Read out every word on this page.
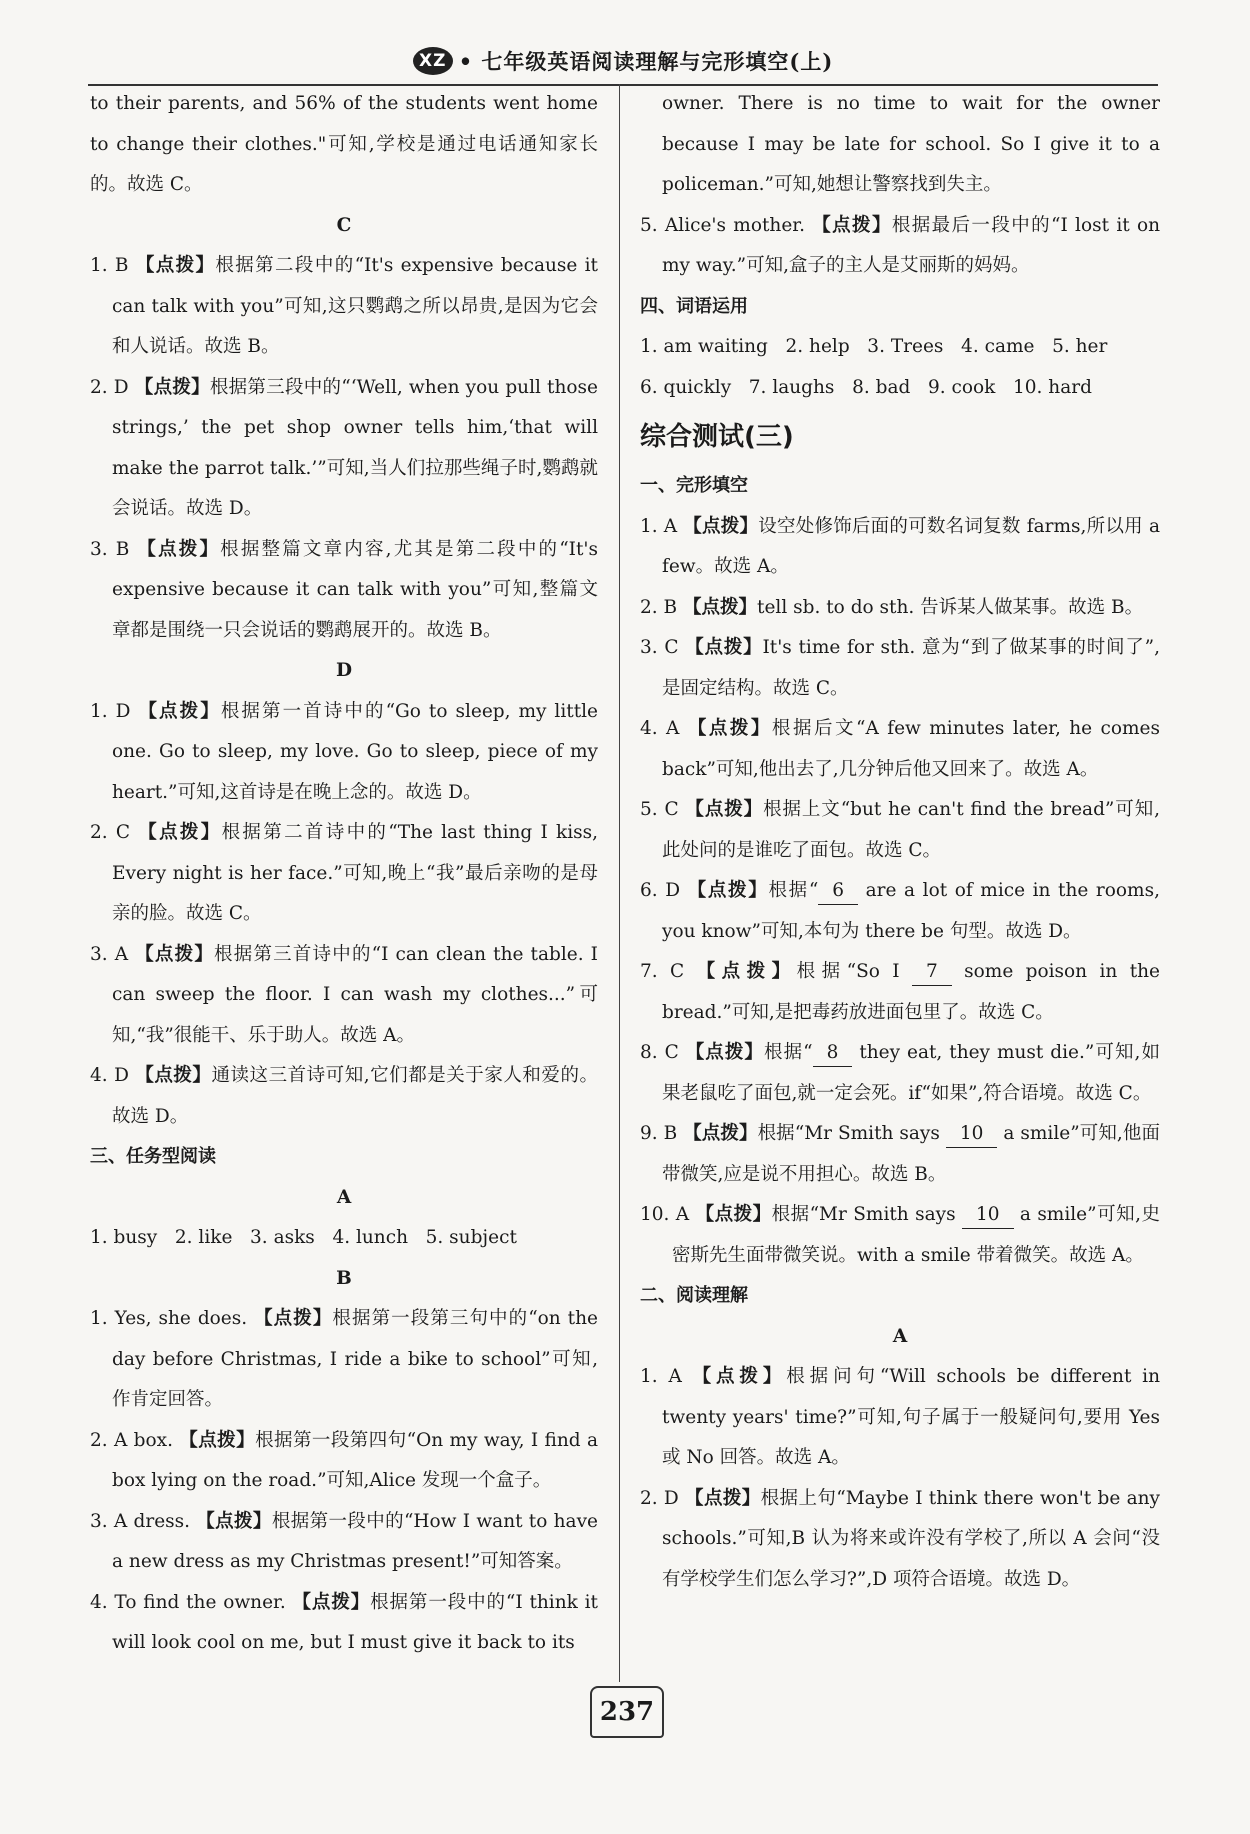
XZ • 七年级英语阅读理解与完形填空(上)

to their parents, and 56% of the students went home to change their clothes."可知,学校是通过电话通知家长的。故选 C。

C

1. B 【点拨】根据第二段中的“It's expensive because it can talk with you”可知,这只鹦鹉之所以昂贵,是因为它会和人说话。故选 B。

2. D 【点拨】根据第三段中的“‘Well, when you pull those strings,’ the pet shop owner tells him,‘that will make the parrot talk.’”可知,当人们拉那些绳子时,鹦鹉就会说话。故选 D。

3. B 【点拨】根据整篇文章内容,尤其是第二段中的“It's expensive because it can talk with you”可知,整篇文章都是围绕一只会说话的鹦鹉展开的。故选 B。

D

1. D 【点拨】根据第一首诗中的“Go to sleep, my little one. Go to sleep, my love. Go to sleep, piece of my heart.”可知,这首诗是在晚上念的。故选 D。

2. C 【点拨】根据第二首诗中的“The last thing I kiss, Every night is her face.”可知,晚上“我”最后亲吻的是母亲的脸。故选 C。

3. A 【点拨】根据第三首诗中的“I can clean the table. I can sweep the floor. I can wash my clothes...”可知,“我”很能干、乐于助人。故选 A。

4. D 【点拨】通读这三首诗可知,它们都是关于家人和爱的。故选 D。

三、任务型阅读

A

1. busy   2. like   3. asks   4. lunch   5. subject

B

1. Yes, she does. 【点拨】根据第一段第三句中的“on the day before Christmas, I ride a bike to school”可知,作肯定回答。

2. A box. 【点拨】根据第一段第四句“On my way, I find a box lying on the road.”可知,Alice 发现一个盒子。

3. A dress. 【点拨】根据第一段中的“How I want to have a new dress as my Christmas present!”可知答案。

4. To find the owner. 【点拨】根据第一段中的“I think it will look cool on me, but I must give it back to its

owner. There is no time to wait for the owner because I may be late for school. So I give it to a policeman.”可知,她想让警察找到失主。

5. Alice's mother. 【点拨】根据最后一段中的“I lost it on my way.”可知,盒子的主人是艾丽斯的妈妈。

四、词语运用

1. am waiting   2. help   3. Trees   4. came   5. her

6. quickly   7. laughs   8. bad   9. cook   10. hard

综合测试(三)

一、完形填空

1. A 【点拨】设空处修饰后面的可数名词复数 farms,所以用 a few。故选 A。

2. B 【点拨】tell sb. to do sth. 告诉某人做某事。故选 B。

3. C 【点拨】It's time for sth. 意为“到了做某事的时间了”,是固定结构。故选 C。

4. A 【点拨】根据后文“A few minutes later, he comes back”可知,他出去了,几分钟后他又回来了。故选 A。

5. C 【点拨】根据上文“but he can't find the bread”可知,此处问的是谁吃了面包。故选 C。

6. D 【点拨】根据“ 6 are a lot of mice in the rooms, you know”可知,本句为 there be 句型。故选 D。

7. C 【点拨】根据“So I 7 some poison in the bread.”可知,是把毒药放进面包里了。故选 C。

8. C 【点拨】根据“ 8 they eat, they must die.”可知,如果老鼠吃了面包,就一定会死。if“如果”,符合语境。故选 C。

9. B 【点拨】根据“Mr Smith says 10 a smile”可知,他面带微笑,应是说不用担心。故选 B。

10. A 【点拨】根据“Mr Smith says 10 a smile”可知,史密斯先生面带微笑说。with a smile 带着微笑。故选 A。

二、阅读理解

A

1. A 【点拨】根据问句“Will schools be different in twenty years' time?”可知,句子属于一般疑问句,要用 Yes 或 No 回答。故选 A。

2. D 【点拨】根据上句“Maybe I think there won't be any schools.”可知,B 认为将来或许没有学校了,所以 A 会问“没有学校学生们怎么学习?”,D 项符合语境。故选 D。

237
